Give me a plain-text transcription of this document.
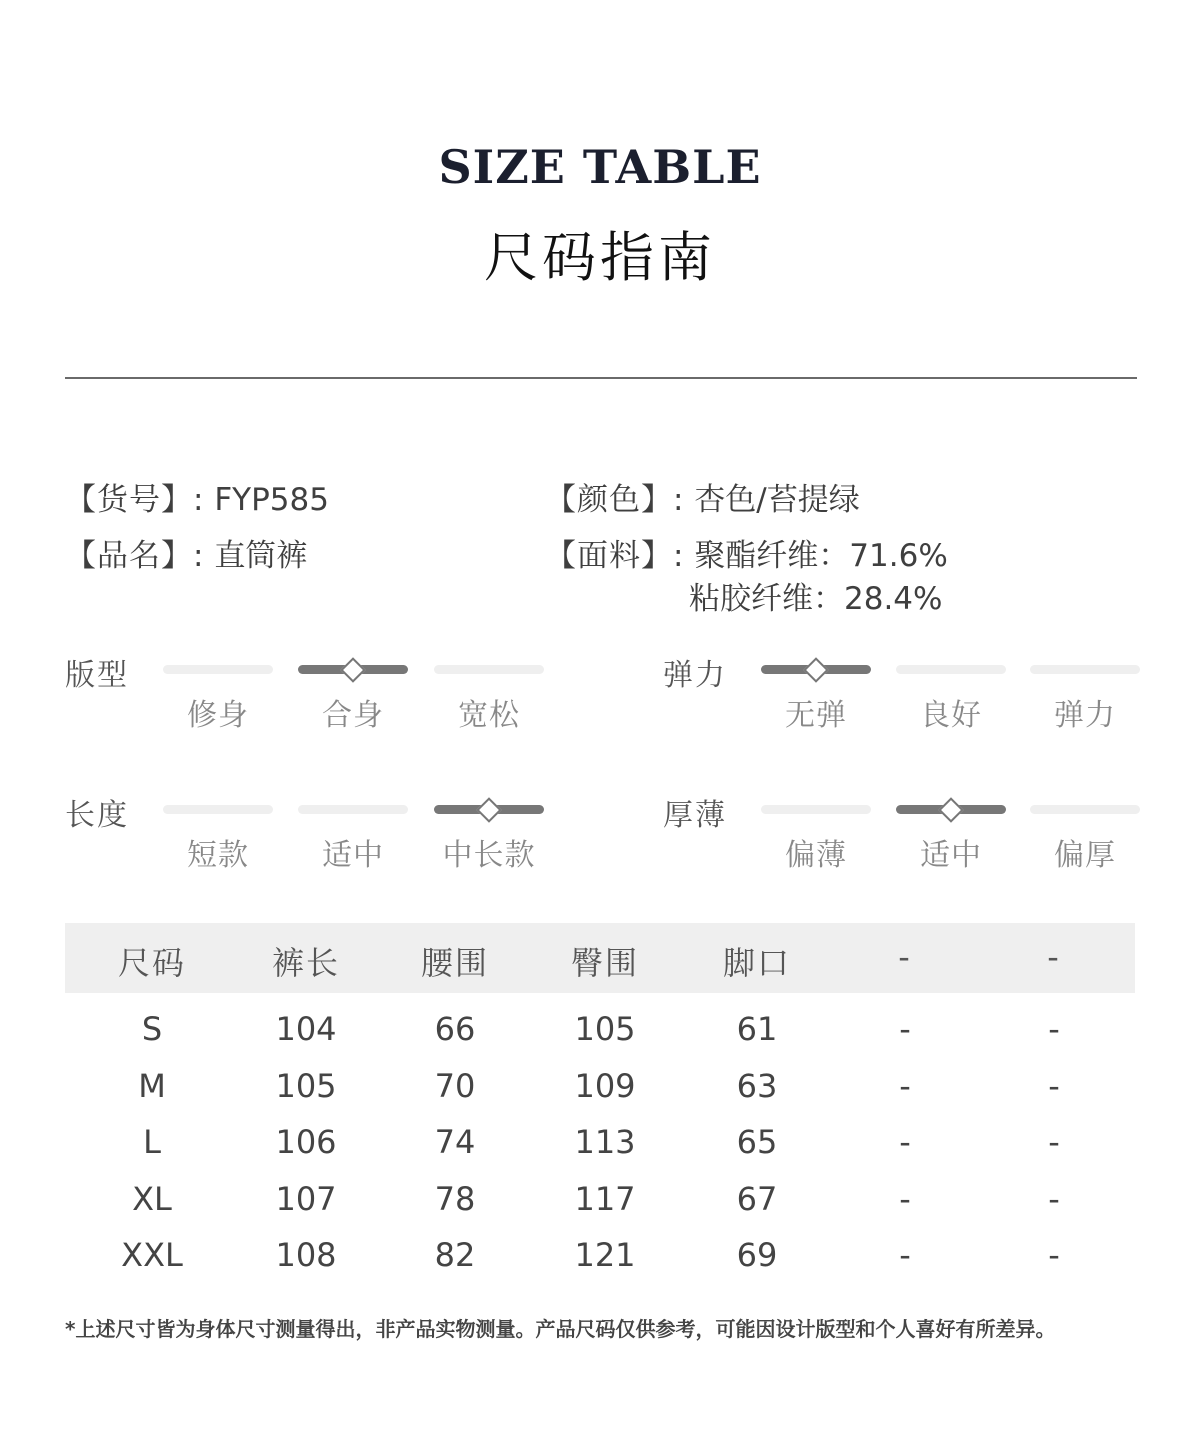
SIZE TABLE
尺码指南
【货号】: FYP585
【品名】: 直筒裤
【颜色】: 杏色/苔提绿
【面料】: 聚酯纤维：71.6%
粘胶纤维：28.4%
版型
修身	合身	宽松
弹力
无弹	良好	弹力
长度
短款	适中	中长款
厚薄
偏薄	适中	偏厚
尺码	裤长	腰围	臀围	脚口	-	-
S	104	66	105	61	-	-
M	105	70	109	63	-	-
L	106	74	113	65	-	-
XL	107	78	117	67	-	-
XXL	108	82	121	69	-	-
*上述尺寸皆为身体尺寸测量得出，非产品实物测量。产品尺码仅供参考，可能因设计版型和个人喜好有所差异。
